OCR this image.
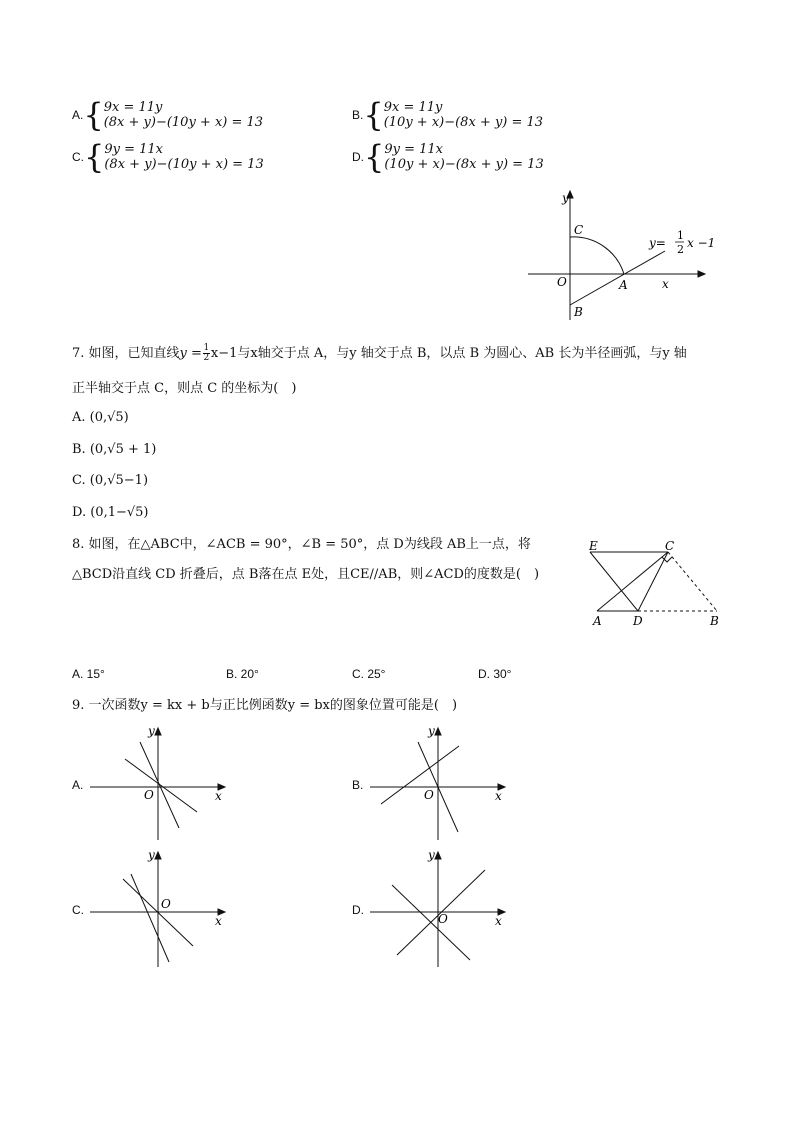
A. { 9x = 11y
(8x + y)−(10y + x) = 13	B. { 9x = 11y
(10y + x)−(8x + y) = 13
C. { 9y = 11x
(8x + y)−(10y + x) = 13	D. { 9y = 11x
(10y + x)−(8x + y) = 13
y
x
C
O	A
B
y=
1
2 x −1
7. 如图，已知直线 y = 1
2 x−1与x轴交于点 A，与y 轴交于点 B，以点 B 为圆心、AB 长为半径画弧，与y 轴
正半轴交于点 C，则点 C 的坐标为(　)
A. (0,√5)
B. (0,√5 + 1)
C. (0,√5−1)
D. (0,1−√5)
8. 如图，在△ABC中，∠ACB = 90°，∠B = 50°，点 D为线段 AB上一点，将
△BCD沿直线 CD 折叠后，点 B落在点 E处，且CE//AB，则∠ACD的度数是(　)
E	C
A	D	B
A. 15°	B. 20°	C. 25°	D. 30°
9. 一次函数y = kx + b与正比例函数y = bx的图象位置可能是(　)
A.
y
x
O
B.
y
x
O
C.
y
x
O	D.
y
x
O
